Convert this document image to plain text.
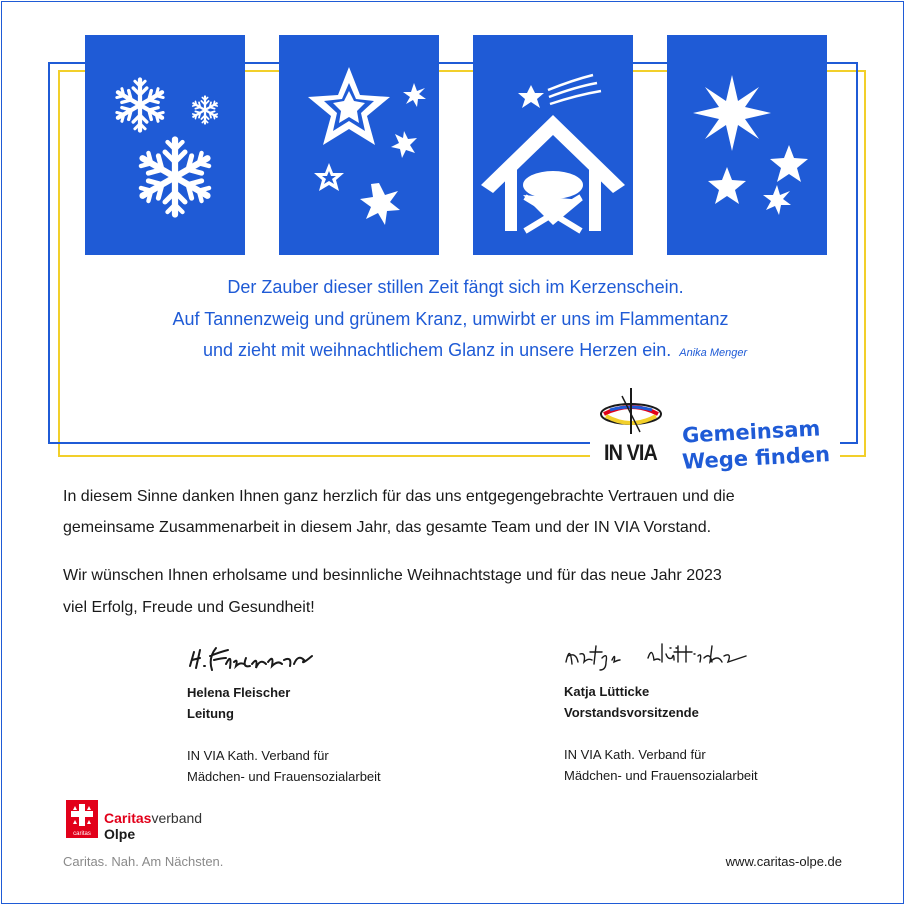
Der Zauber dieser stillen Zeit fängt sich im Kerzenschein.
Auf Tannenzweig und grünem Kranz, umwirbt er uns im Flammentanz
und zieht mit weihnachtlichem Glanz in unsere Herzen ein. Anika Menger
IN VIA
Gemeinsam
Wege finden
In diesem Sinne danken Ihnen ganz herzlich für das uns entgegengebrachte Vertrauen und die
gemeinsame Zusammenarbeit in diesem Jahr, das gesamte Team und der IN VIA Vorstand.
Wir wünschen Ihnen erholsame und besinnliche Weihnachtstage und für das neue Jahr 2023
viel Erfolg, Freude und Gesundheit!
Helena Fleischer
Leitung

IN VIA Kath. Verband für
Mädchen- und Frauensozialarbeit
Katja Lütticke
Vorstandsvorsitzende

IN VIA Kath. Verband für
Mädchen- und Frauensozialarbeit
caritas
Caritasverband
Olpe
Caritas. Nah. Am Nächsten.	www.caritas-olpe.de
